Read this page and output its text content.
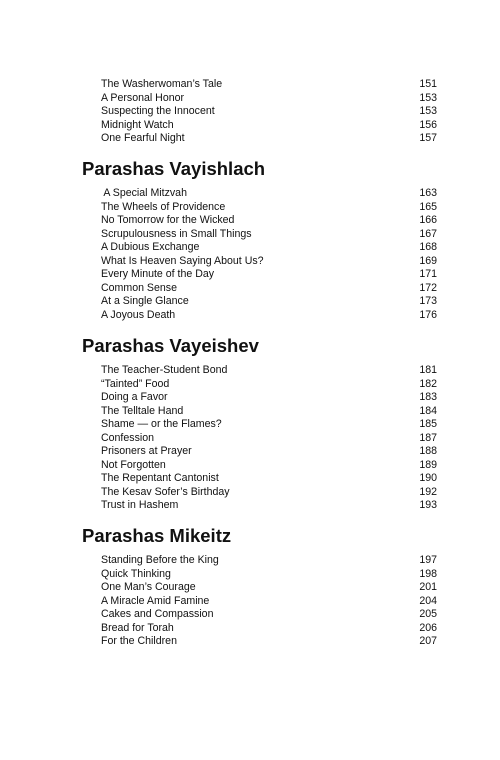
The Washerwoman’s Tale	151
A Personal Honor	153
Suspecting the Innocent	153
Midnight Watch	156
One Fearful Night	157
Parashas Vayishlach
A Special Mitzvah	163
The Wheels of Providence	165
No Tomorrow for the Wicked	166
Scrupulousness in Small Things	167
A Dubious Exchange	168
What Is Heaven Saying About Us?	169
Every Minute of the Day	171
Common Sense	172
At a Single Glance	173
A Joyous Death	176
Parashas Vayeishev
The Teacher-Student Bond	181
“Tainted” Food	182
Doing a Favor	183
The Telltale Hand	184
Shame — or the Flames?	185
Confession	187
Prisoners at Prayer	188
Not Forgotten	189
The Repentant Cantonist	190
The Kesav Sofer’s Birthday	192
Trust in Hashem	193
Parashas Mikeitz
Standing Before the King	197
Quick Thinking	198
One Man’s Courage	201
A Miracle Amid Famine	204
Cakes and Compassion	205
Bread for Torah	206
For the Children	207
